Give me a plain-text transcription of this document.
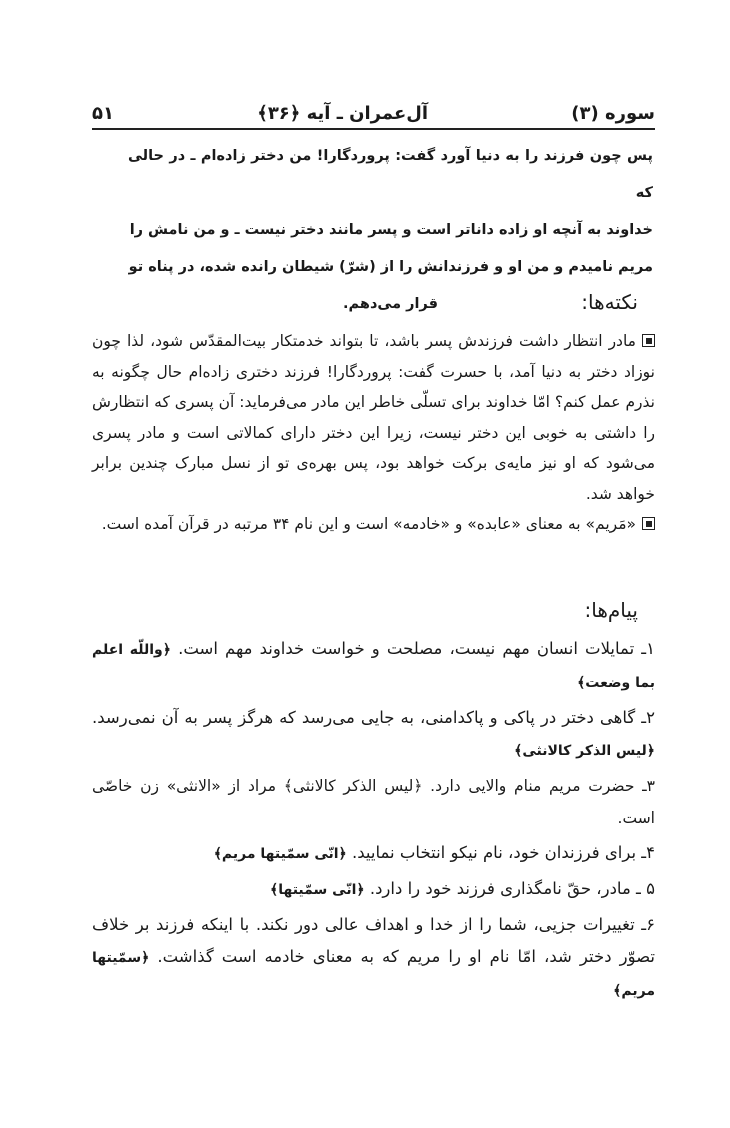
سوره (۳)
آل‌عمران ـ آیه ﴿۳۶﴾
۵۱
پس چون فرزند را به دنیا آورد گفت: پروردگارا! من دختر زاده‌ام ـ در حالی که
خداوند به آنچه او زاده داناتر است و پسر مانند دختر نیست ـ و من نامش را
مریم نامیدم و من او و فرزندانش را از (شرّ) شیطان رانده شده، در پناه تو
قرار می‌دهم.	نکته‌ها:

مادر انتظار داشت فرزندش پسر باشد، تا بتواند خدمتکار بیت‌المقدّس شود، لذا چون نوزاد دختر به دنیا آمد، با حسرت گفت: پروردگارا! فرزند دختری زاده‌ام حال چگونه به نذرم عمل کنم؟ امّا خداوند برای تسلّی خاطر این مادر می‌فرماید: آن پسری که انتظارش را داشتی به خوبی این دختر نیست، زیرا این دختر دارای کمالاتی است و مادر پسری می‌شود که او نیز مایه‌ی برکت خواهد بود، پس بهره‌ی تو از نسل مبارک چندین برابر خواهد شد.

«مَریم» به معنای «عابده» و «خادمه» است و این نام ۳۴ مرتبه در قرآن آمده است.

پیام‌ها:

۱ـ تمایلات انسان مهم نیست، مصلحت و خواست خداوند مهم است. ﴿واللّه اعلم بما وضعت﴾

۲ـ گاهی دختر در پاکی و پاکدامنی، به جایی می‌رسد که هرگز پسر به آن نمی‌رسد. ﴿لیس الذکر کالانثی﴾

۳ـ حضرت مریم منام والایی دارد. ﴿لیس الذکر کالانثی﴾ مراد از «الانثی» زن خاصّی است.

۴ـ برای فرزندان خود، نام نیکو انتخاب نمایید. ﴿انّی سمّیتها مریم﴾

۵ ـ مادر، حقّ نامگذاری فرزند خود را دارد. ﴿انّی سمّیتها﴾

۶ـ تغییرات جزیی، شما را از خدا و اهداف عالی دور نکند. با اینکه فرزند بر خلاف تصوّر دختر شد، امّا نام او را مریم که به معنای خادمه است گذاشت. ﴿سمّیتها مریم﴾
